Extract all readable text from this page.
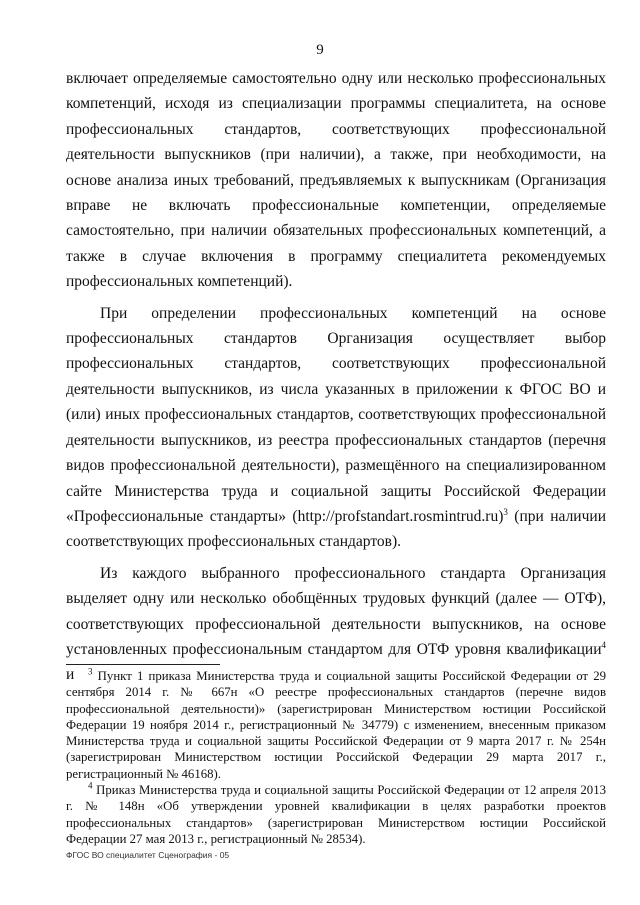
9

включает определяемые самостоятельно одну или несколько профессиональных компетенций, исходя из специализации программы специалитета, на основе профессиональных стандартов, соответствующих профессиональной деятельности выпускников (при наличии), а также, при необходимости, на основе анализа иных требований, предъявляемых к выпускникам (Организация вправе не включать профессиональные компетенции, определяемые самостоятельно, при наличии обязательных профессиональных компетенций, а также в случае включения в программу специалитета рекомендуемых профессиональных компетенций).

При определении профессиональных компетенций на основе профессиональных стандартов Организация осуществляет выбор профессиональных стандартов, соответствующих профессиональной деятельности выпускников, из числа указанных в приложении к ФГОС ВО и (или) иных профессиональных стандартов, соответствующих профессиональной деятельности выпускников, из реестра профессиональных стандартов (перечня видов профессиональной деятельности), размещённого на специализированном сайте Министерства труда и социальной защиты Российской Федерации «Профессиональные стандарты» (http://profstandart.rosmintrud.ru)$^3$ (при наличии соответствующих профессиональных стандартов).

Из каждого выбранного профессионального стандарта Организация выделяет одну или несколько обобщённых трудовых функций (далее — ОТФ), соответствующих профессиональной деятельности выпускников, на основе установленных профессиональным стандартом для ОТФ уровня квалификации$^4$ и	$^3$ Пункт 1 приказа Министерства труда и социальной защиты Российской Федерации от 29 сентября 2014 г. № 667н «О реестре профессиональных стандартов (перечне видов профессиональной деятельности)» (зарегистрирован Министерством юстиции Российской Федерации 19 ноября 2014 г., регистрационный № 34779) с изменением, внесенным приказом Министерства труда и социальной защиты Российской Федерации от 9 марта 2017 г. № 254н (зарегистрирован Министерством юстиции Российской Федерации 29 марта 2017 г., регистрационный № 46168).

$^4$ Приказ Министерства труда и социальной защиты Российской Федерации от 12 апреля 2013 г. № 148н «Об утверждении уровней квалификации в целях разработки проектов профессиональных стандартов» (зарегистрирован Министерством юстиции Российской Федерации 27 мая 2013 г., регистрационный № 28534).

ФГОС ВО специалитет Сценография - 05
